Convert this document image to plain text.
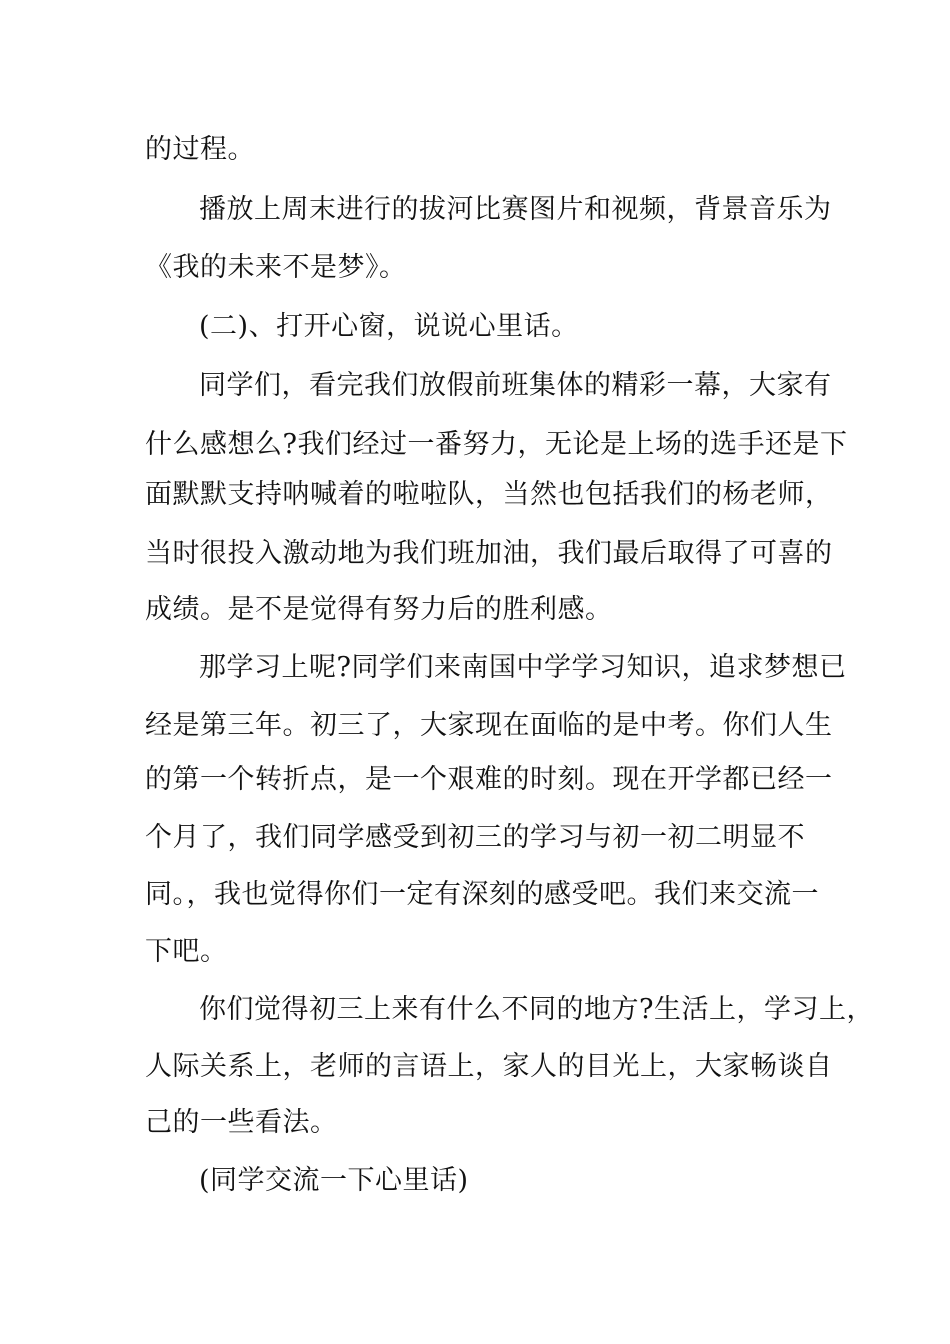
的过程。
播放上周末进行的拔河比赛图片和视频，背景音乐为
《我的未来不是梦》。
(二)、打开心窗，说说心里话。
同学们，看完我们放假前班集体的精彩一幕，大家有
什么感想么?我们经过一番努力，无论是上场的选手还是下
面默默支持呐喊着的啦啦队，当然也包括我们的杨老师，
当时很投入激动地为我们班加油，我们最后取得了可喜的
成绩。是不是觉得有努力后的胜利感。
那学习上呢?同学们来南国中学学习知识，追求梦想已
经是第三年。初三了，大家现在面临的是中考。你们人生
的第一个转折点，是一个艰难的时刻。现在开学都已经一
个月了，我们同学感受到初三的学习与初一初二明显不
同。，我也觉得你们一定有深刻的感受吧。我们来交流一
下吧。
你们觉得初三上来有什么不同的地方?生活上，学习上，
人际关系上，老师的言语上，家人的目光上，大家畅谈自
己的一些看法。
(同学交流一下心里话)
